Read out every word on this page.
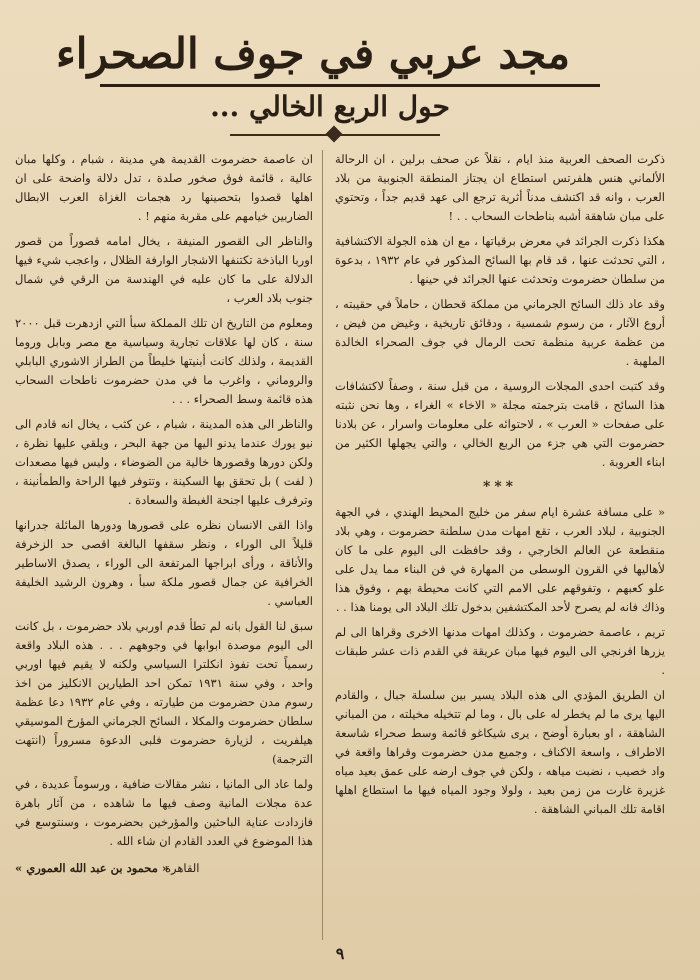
مجد عربي في جوف الصحراء
حول الربع الخالي ...

ذكرت الصحف العربية منذ ايام ، نقلاً عن صحف برلين ، ان الرحالة الألماني هنس هلفرتس استطاع ان يجتاز المنطقة الجنوبية من بلاد العرب ، وانه قد اكتشف مدناً أثرية ترجع الى عهد قديم جداً ، وتحتوي على مبان شاهقة أشبه بناطحات السحاب . . !

هكذا ذكرت الجرائد في معرض برقياتها ، مع ان هذه الجولة الاكتشافية ، التي تحدثت عنها ، قد قام بها السائح المذكور في عام ١٩٣٢ ، بدعوة من سلطان حضرموت وتحدثت عنها الجرائد في حينها .

وقد عاد ذلك السائح الجرماني من مملكة قحطان ، حاملاً في حقيبته ، أروع الآثار ، من رسوم شمسية ، ودقائق تاريخية ، وغيض من فيض ، من عظمة عربية منظمة تحت الرمال في جوف الصحراء الخالدة الملهبة .

وقد كتبت احدى المجلات الروسية ، من قبل سنة ، وصفاً لاكتشافات هذا السائح ، قامت بترجمته مجلة « الاخاء » الغراء ، وها نحن نثبته على صفحات « العرب » ، لاحتوائه على معلومات واسرار ، عن بلادنا حضرموت التي هي جزء من الربع الخالي ، والتي يجهلها الكثير من ابناء العروبة .

***

« على مسافة عشرة ايام سفر من خليج المحيط الهندي ، في الجهة الجنوبية ، لبلاد العرب ، تقع امهات مدن سلطنة حضرموت ، وهي بلاد منقطعة عن العالم الخارجي ، وقد حافظت الى اليوم على ما كان لأهاليها في القرون الوسطى من المهارة في فن البناء مما يدل على علو كعبهم ، وتفوقهم على الامم التي كانت محيطة بهم ، وفوق هذا وذاك فانه لم يصرح لأحد المكتشفين بدخول تلك البلاد الى يومنا هذا . .

تريم ، عاصمة حضرموت ، وكذلك امهات مدنها الاخرى وقراها الى لم يزرها افرنجي الى اليوم فيها مبان عريقة في القدم ذات عشر طبقات .

ان الطريق المؤدي الى هذه البلاد يسير بين سلسلة جبال ، والقادم اليها يرى ما لم يخطر له على بال ، وما لم تتخيله مخيلته ، من المباني الشاهقة ، او بعبارة أوضح ، يرى شيكاغو قائمة وسط صحراء شاسعة الاطراف ، واسعة الاكناف ، وجميع مدن حضرموت وقراها واقعة في واد خصيب ، نضبت مياهه ، ولكن في جوف ارضه على عمق بعيد مياه غزيرة غارت من زمن بعيد ، ولولا وجود المياه فيها ما استطاع اهلها اقامة تلك المباني الشاهقة .

ان عاصمة حضرموت القديمة هي مدينة ، شبام ، وكلها مبان عالية ، قائمة فوق صخور صلدة ، تدل دلالة واضحة على ان اهلها قصدوا بتحصينها رد هجمات الغزاة العرب الابطال الضاربين خيامهم على مقربة منهم ! .

والناظر الى القصور المنيفة ، يخال امامه قصوراً من قصور اوربا الباذخة تكتنفها الاشجار الوارفة الظلال ، واعجب شيء فيها الدلالة على ما كان عليه في الهندسة من الرقي في شمال جنوب بلاد العرب ،

ومعلوم من التاريخ ان تلك المملكة سبأ التي ازدهرت قبل ٢٠٠٠ سنة ، كان لها علاقات تجارية وسياسية مع مصر وبابل وروما القديمة ، ولذلك كانت أبنيتها خليطاً من الطراز الاشوري البابلي والروماني ، واغرب ما في مدن حضرموت ناطحات السحاب هذه قائمة وسط الصحراء . . .

والناظر الى هذه المدينة ، شبام ، عن كثب ، يخال انه قادم الى نيو يورك عندما يدنو اليها من جهة البحر ، ويلقي عليها نظرة ، ولكن دورها وقصورها خالية من الضوضاء ، وليس فيها مصعدات ( لفت ) بل تحقق بها السكينة ، وتتوفر فيها الراحة والطمأنينة ، وترفرف عليها اجنحة الغبطة والسعادة .

واذا القى الانسان نظره على قصورها ودورها المائلة جدرانها قليلاً الى الوراء ، ونظر سقفها البالغة اقصى حد الزخرفة والأناقة ، ورأى ابراجها المرتفعة الى الوراء ، يصدق الاساطير الخرافية عن جمال قصور ملكة سبأ ، وهرون الرشيد الخليفة العباسي .

سبق لنا القول بانه لم تطأ قدم اوربي بلاد حضرموت ، بل كانت الى اليوم موصدة ابوابها في وجوههم . . . هذه البلاد واقعة رسمياً تحت نفوذ انكلترا السياسي ولكنه لا يقيم فيها اوربي واحد ، وفي سنة ١٩٣١ تمكن احد الطيارين الانكليز من اخذ رسوم مدن حضرموت من طيارته ، وفي عام ١٩٣٢ دعا عظمة سلطان حضرموت والمكلا ، السائح الجرماني المؤرخ الموسيقي هيلفريت ، لزيارة حضرموت فلبى الدعوة مسروراً (انتهت الترجمة)

ولما عاد الى المانيا ، نشر مقالات ضافية ، ورسوماً عديدة ، في عدة مجلات المانية وصف فيها ما شاهده ، من آثار باهرة فازدادت عناية الباحثين والمؤرخين بحضرموت ، وسنتوسع في هذا الموضوع في العدد القادم ان شاء الله .

« محمود بن عبد الله العموري »
القاهرة
٩
